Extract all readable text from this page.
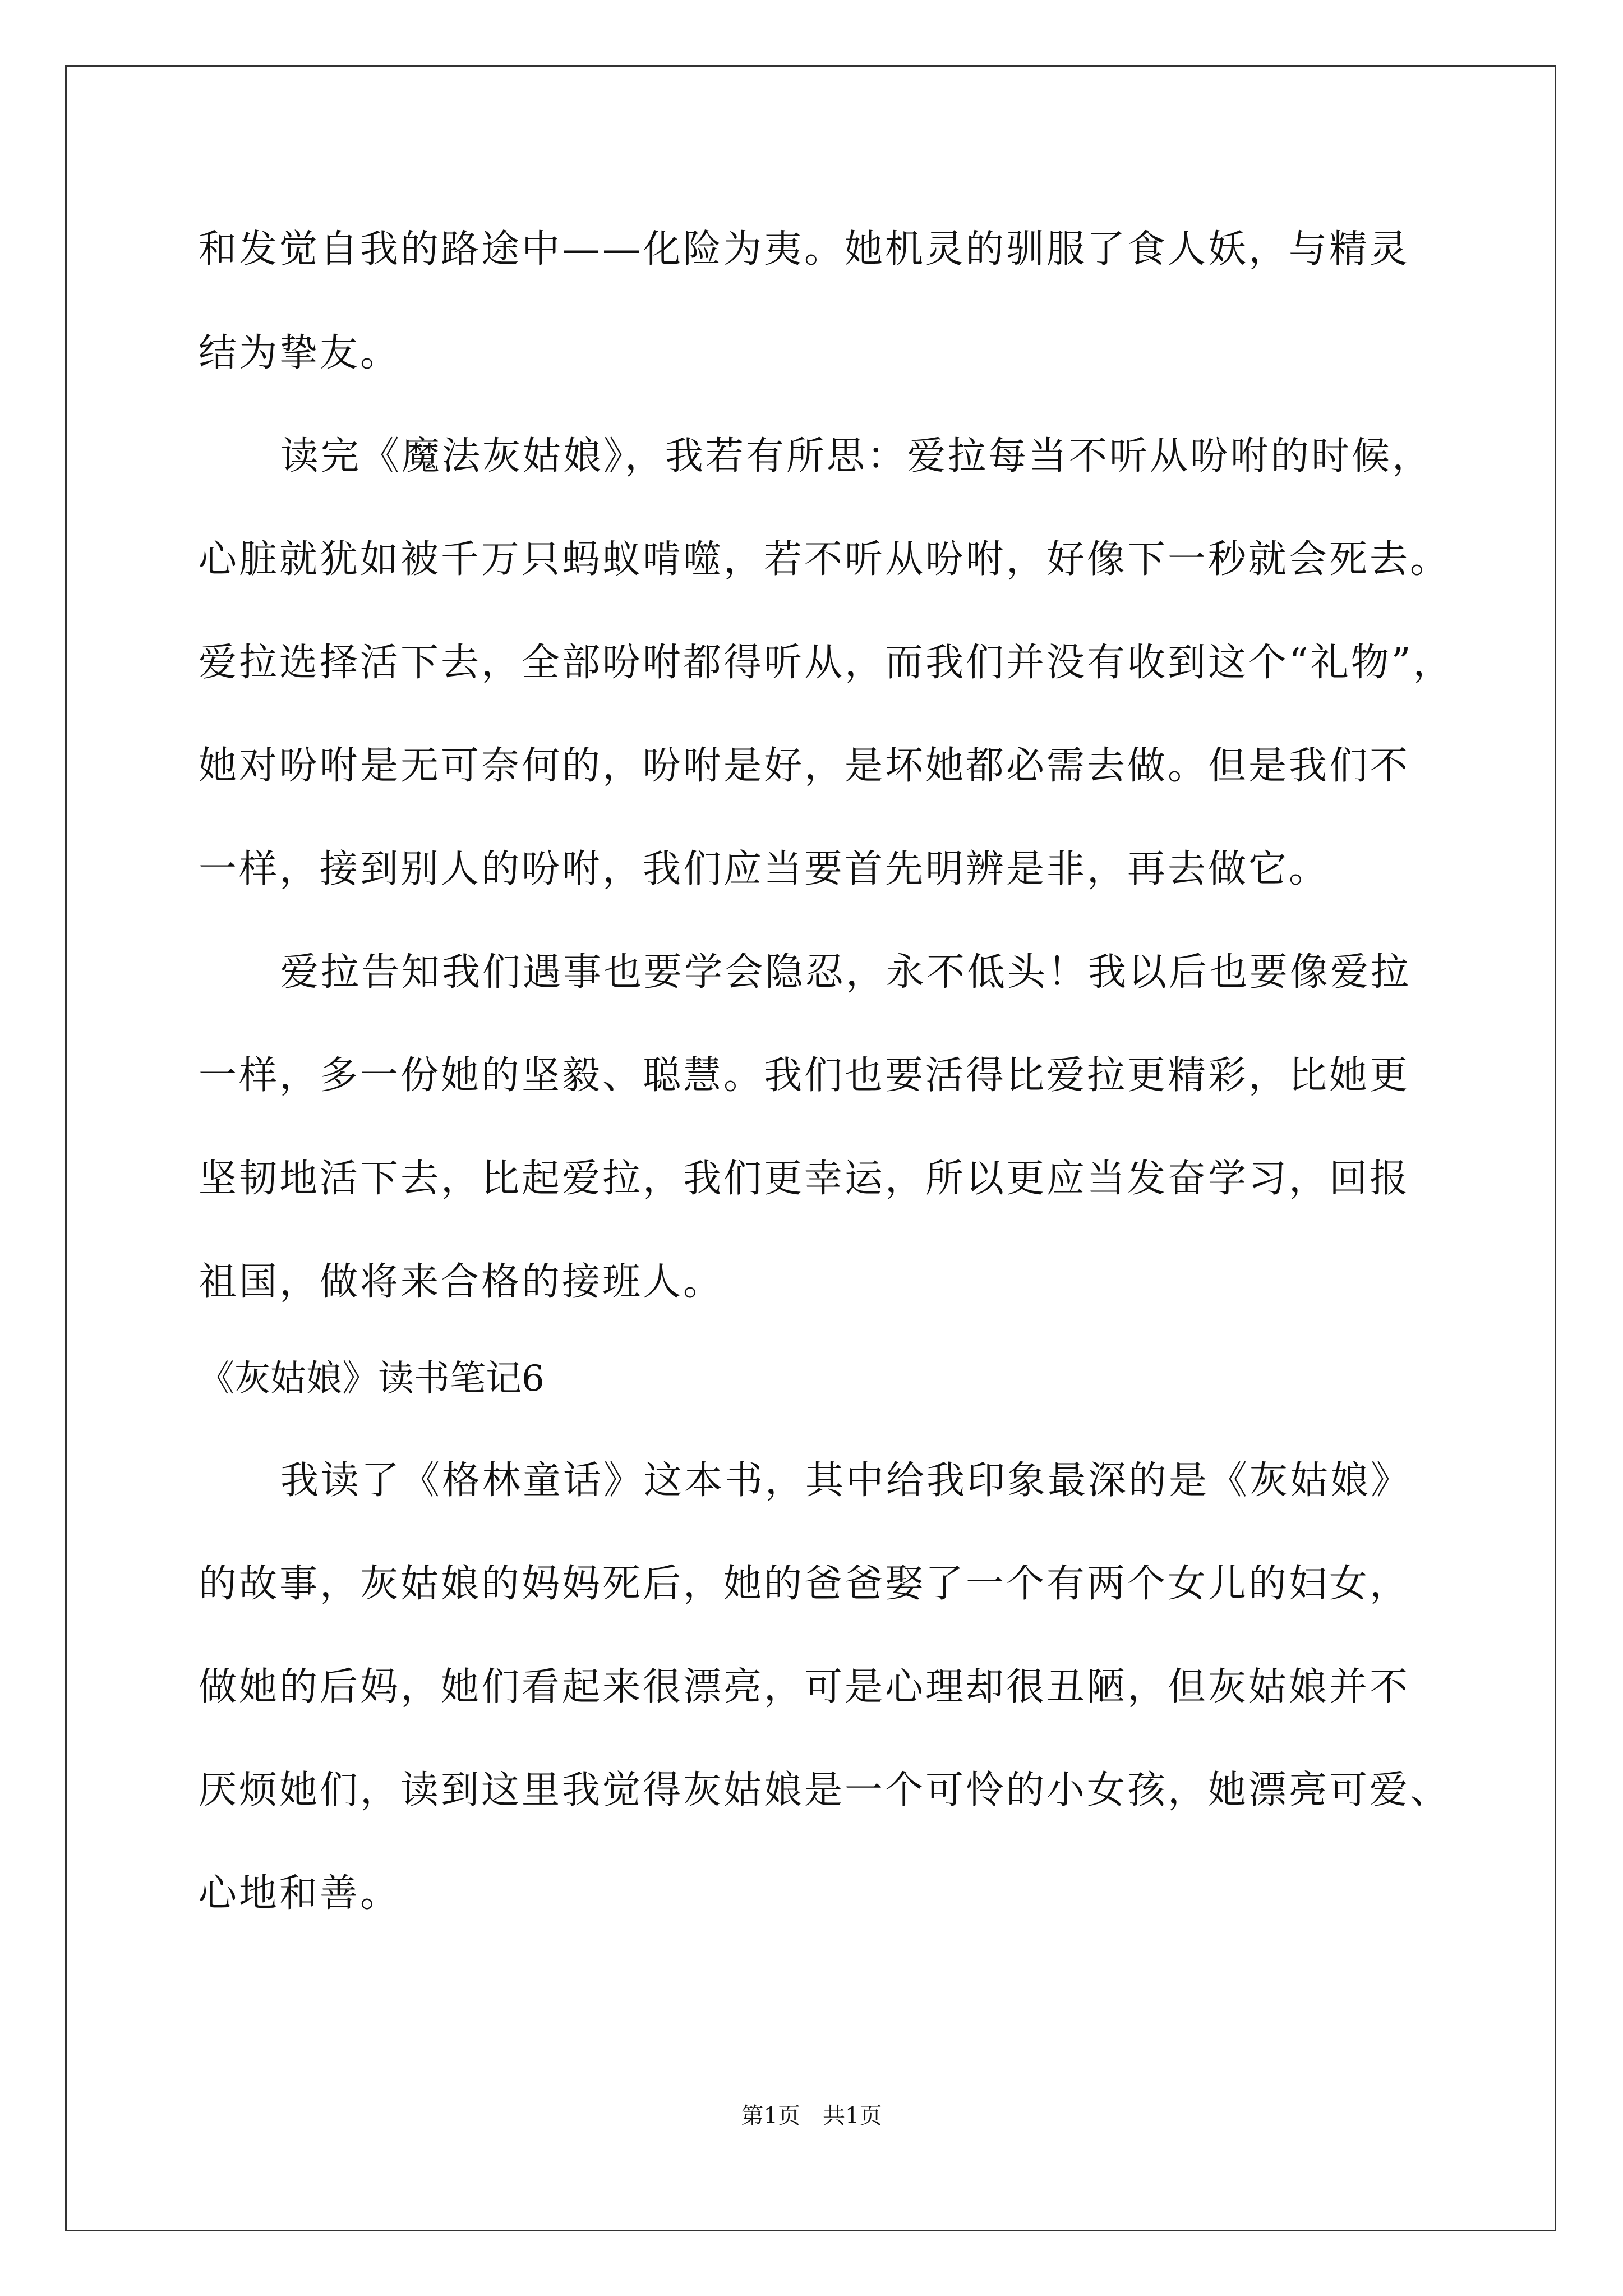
和发觉自我的路途中——化险为夷。她机灵的驯服了食人妖，与精灵

结为挚友。

读完《魔法灰姑娘》，我若有所思：爱拉每当不听从吩咐的时候，

心脏就犹如被千万只蚂蚁啃噬，若不听从吩咐，好像下一秒就会死去。

爱拉选择活下去，全部吩咐都得听从，而我们并没有收到这个“礼物”，

她对吩咐是无可奈何的，吩咐是好，是坏她都必需去做。但是我们不

一样，接到别人的吩咐，我们应当要首先明辨是非，再去做它。

爱拉告知我们遇事也要学会隐忍，永不低头！我以后也要像爱拉

一样，多一份她的坚毅、聪慧。我们也要活得比爱拉更精彩，比她更

坚韧地活下去，比起爱拉，我们更幸运，所以更应当发奋学习，回报

祖国，做将来合格的接班人。

《灰姑娘》读书笔记6

我读了《格林童话》这本书，其中给我印象最深的是《灰姑娘》

的故事，灰姑娘的妈妈死后，她的爸爸娶了一个有两个女儿的妇女，

做她的后妈，她们看起来很漂亮，可是心理却很丑陋，但灰姑娘并不

厌烦她们，读到这里我觉得灰姑娘是一个可怜的小女孩，她漂亮可爱、

心地和善。

第1页　共1页
